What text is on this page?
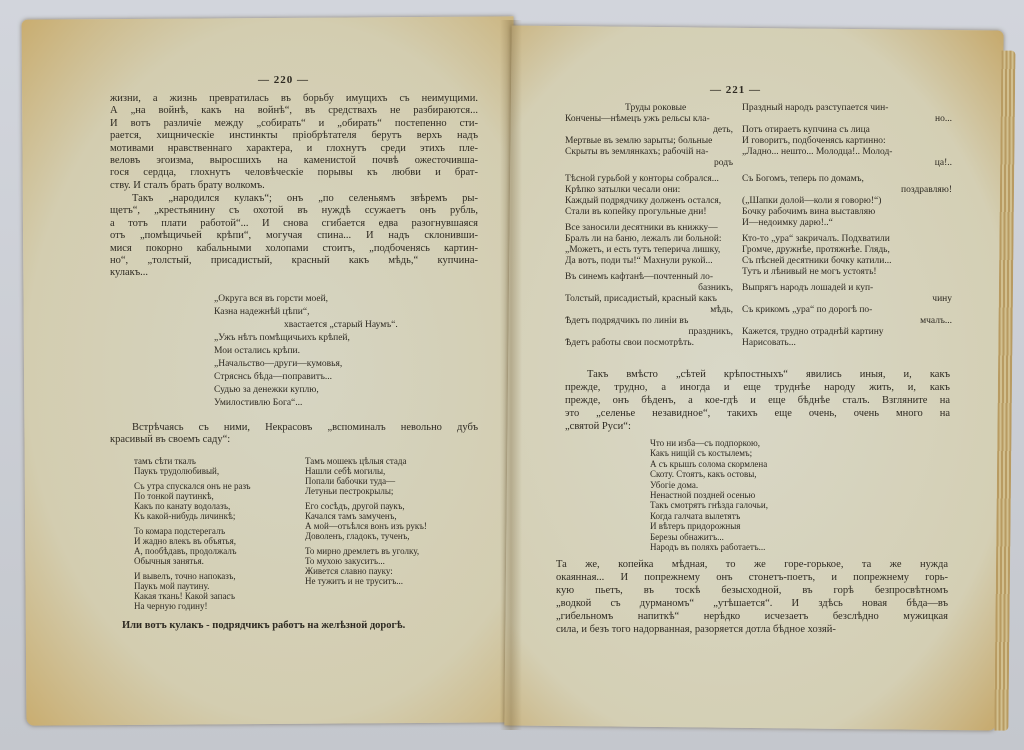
— 220 —
— 221 —
жизни, а жизнь превратилась въ борьбу имущихъ съ неимущими.
А „на войнѣ, какъ на войнѣ“, въ средствахъ не разбираются...
И вотъ различіе между „собирать“ и „обирать“ постепенно сти-
рается, хищническіе инстинкты пріобрѣтателя берутъ верхъ надъ
мотивами нравственнаго характера, и глохнутъ среди этихъ пле-
веловъ эгоизма, выросшихъ на каменистой почвѣ ожесточивша-
гося сердца, глохнутъ человѣческіе порывы къ любви и брат-
ству. И сталъ брать брату волкомъ.
Такъ „народился кулакъ“; онъ „по селеньямъ звѣремъ ры-
щетъ“, „крестьянину съ охотой въ нуждѣ ссужаетъ онъ рубль,
а тотъ плати работой“... И снова сгибается едва разогнувшаяся
отъ „помѣщичьей крѣпи“, могучая спина... И надъ склонивши-
мися покорно кабальными холопами стоитъ, „подбоченясь картин-
но“, „толстый, присадистый, красный какъ мѣдь,“ купчина-
кулакъ...
„Округа вся въ горсти моей,
Казна надежнѣй цѣпи“,
хвастается „старый Наумъ“.
„Ужъ нѣтъ помѣщичьихъ крѣпей,
Мои остались крѣпи.
„Начальство—други—кумовья,
Стряснсь бѣда—поправитъ...
Судью за денежки куплю,
Умилостивлю Бога“...
Встрѣчаясь съ ними, Некрасовъ „вспоминалъ невольно дубъ
красивый въ своемъ саду“:
тамъ сѣти ткалъ
Паукъ трудолюбивый,
Съ утра спускался онъ не разъ
По тонкой паутинкѣ,
Какъ по канату водолазъ,
Къ какой-нибудь личинкѣ;
То комара подстерегалъ
И жадно влекъ въ объятья,
А, пообѣдавъ, продолжалъ
Обычныя занятья.
И вывелъ, точно напоказъ,
Паукъ мой паутину.
Какая ткань! Какой запасъ
На черную годину!
Тамъ мошекъ цѣлыя стада
Нашли себѣ могилы,
Попали бабочки туда—
Летуньи пестрокрылы;
Его сосѣдъ, другой паукъ,
Качался тамъ замученъ,
А мой—отъѣлся вонъ изъ рукъ!
Доволенъ, гладокъ, тученъ,
То мирно дремлетъ въ уголку,
То мухою закуситъ...
Живется славно пауку:
Не тужитъ и не труситъ...
Или вотъ кулакъ - подрядчикъ работъ на желѣзной дорогѣ.
Труды роковые
Кончены—нѣмецъ ужъ рельсы кла-
деть,
Мертвые въ землю зарыты; больные
Скрыты въ землянкахъ; рабочій на-
родъ
Тѣсной гурьбой у конторы собрался...
Крѣпко затылки чесали они:
Каждый подрядчику долженъ остался,
Стали въ копейку прогульные дни!
Все заносили десятники въ книжку—
Бралъ ли на баню, лежалъ ли больной:
„Можетъ, и есть тутъ теперича лишку,
Да вотъ, поди ты!“ Махнули рукой...
Въ синемъ кафтанѣ—почтенный ло-
базникъ,
Толстый, присадистый, красный какъ
мѣдь,
Ѣдетъ подрядчикъ по линіи въ
праздникъ,
Ѣдетъ работы свои посмотрѣть.
Праздный народъ разступается чин-
но...
Потъ отираетъ купчина съ лица
И говоритъ, подбоченясь картинно:
„Ладно... нешто... Молодца!.. Молод-
ца!..
Съ Богомъ, теперь по домамъ,
поздравляю!
(„Шапки долой—коли я говорю!“)
Бочку рабочимъ вина выставляю
И—недоимку дарю!..“
Кто-то „ура“ закричалъ. Подхватили
Громче, дружнѣе, протяжнѣе. Глядь,
Съ пѣсней десятники бочку катили...
Тутъ и лѣнивый не могъ устоять!
Выпрягъ народъ лошадей и куп-
чину
Съ крикомъ „ура“ по дорогѣ по-
мчалъ...
Кажется, трудно отраднѣй картину
Нарисовать...
Такъ вмѣсто „сѣтей крѣпостныхъ“ явились иныя, и, какъ
прежде, трудно, а иногда и еще труднѣе народу жить, и, какъ
прежде, онъ бѣденъ, а кое-гдѣ и еще бѣднѣе сталъ. Взгляните на
это „селенье незавидное“, такихъ еще очень, очень много на
„святой Руси“:
Что ни изба—съ подпоркою,
Какъ нищій съ костылемъ;
А съ крышъ солома скормлена
Скоту. Стоятъ, какъ остовы,
Убогіе дома.
Ненастной поздней осенью
Такъ смотрятъ гнѣзда галочьи,
Когда галчата вылетятъ
И вѣтеръ придорожныя
Березы обнажитъ...
Народъ въ поляхъ работаетъ...
Та же, копейка мѣдная, то же горе-горькое, та же нужда
окаянная... И попрежнему онъ стонетъ-поетъ, и попрежнему горь-
кую пьетъ, въ тоскѣ безысходной, въ горѣ безпросвѣтномъ
„водкой съ дурманомъ“ „утѣшается“. И здѣсь новая бѣда—въ
„гибельномъ напиткѣ“ нерѣдко исчезаетъ безслѣдно мужицкая
сила, и безъ того надорванная, разоряется дотла бѣдное хозяй-
